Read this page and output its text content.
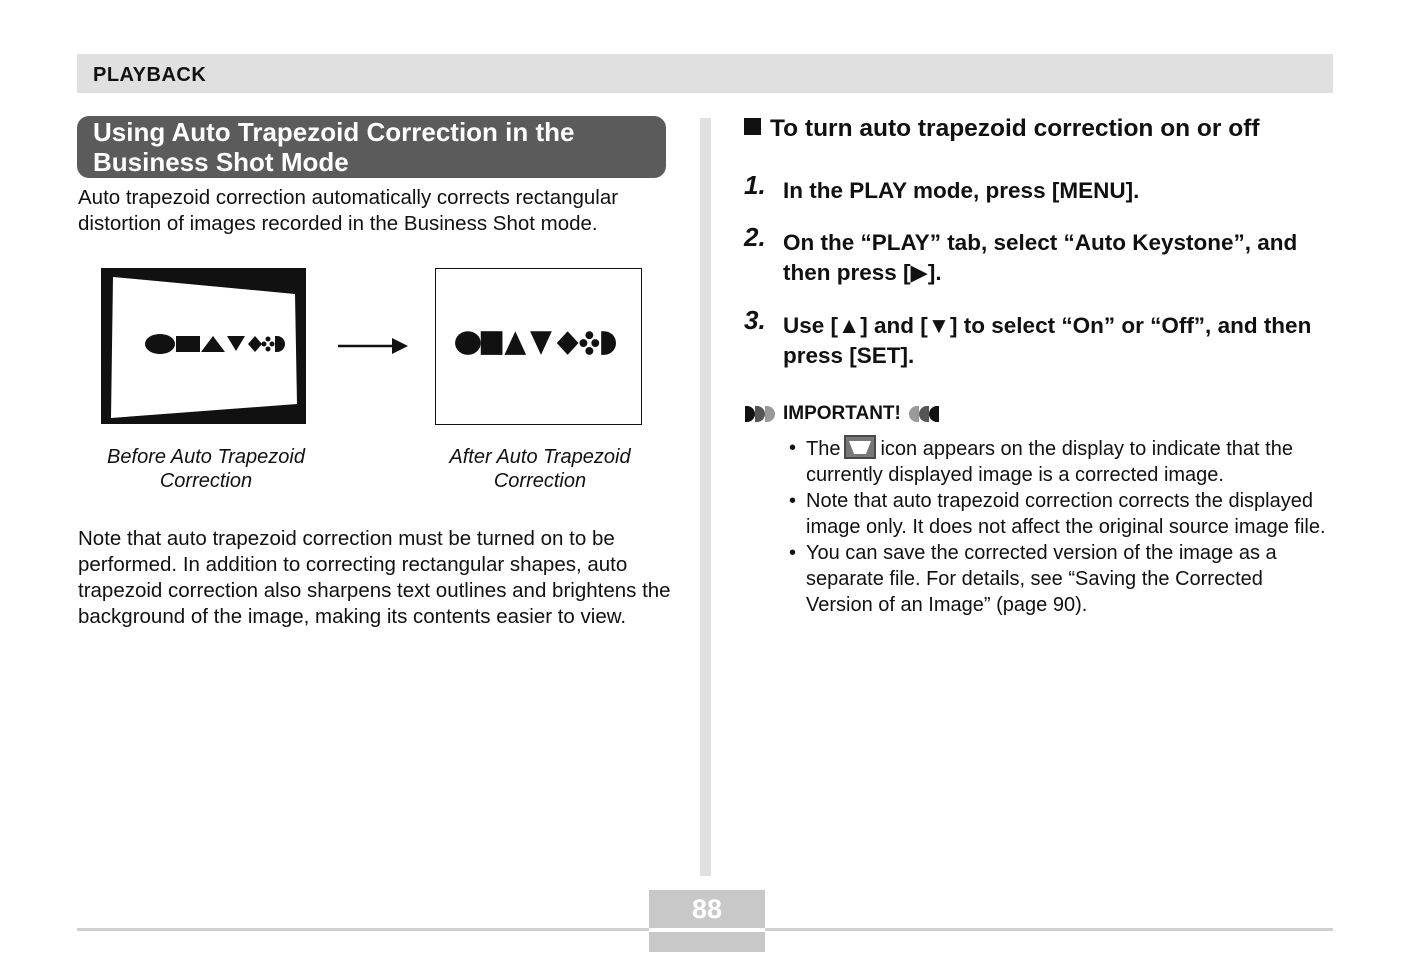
PLAYBACK
Using Auto Trapezoid Correction in the Business Shot Mode
Auto trapezoid correction automatically corrects rectangular distortion of images recorded in the Business Shot mode.
Before Auto Trapezoid Correction
After Auto Trapezoid Correction
Note that auto trapezoid correction must be turned on to be performed. In addition to correcting rectangular shapes, auto trapezoid correction also sharpens text outlines and brightens the background of the image, making its contents easier to view.
To turn auto trapezoid correction on or off
1. In the PLAY mode, press [MENU].
2. On the “PLAY” tab, select “Auto Keystone”, and then press [▶].
3. Use [▲] and [▼] to select “On” or “Off”, and then press [SET].
IMPORTANT!
• The icon appears on the display to indicate that the currently displayed image is a corrected image.
• Note that auto trapezoid correction corrects the displayed image only. It does not affect the original source image file.
• You can save the corrected version of the image as a separate file. For details, see “Saving the Corrected Version of an Image” (page 90).
88
